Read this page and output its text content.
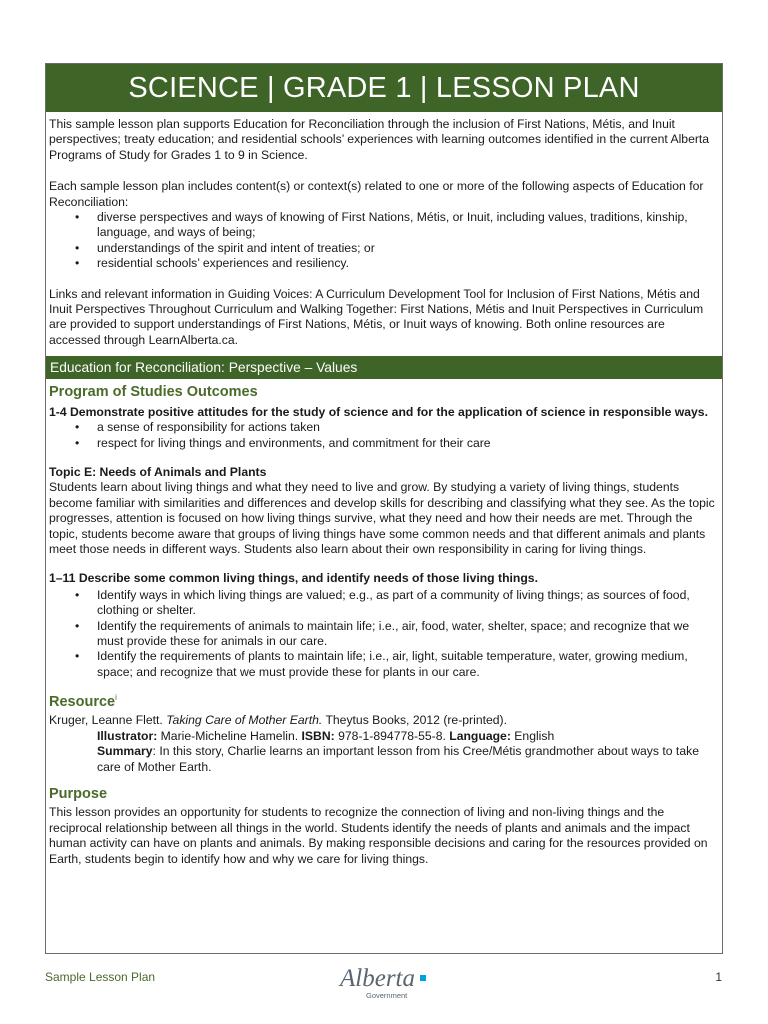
SCIENCE | GRADE 1 | LESSON PLAN

This sample lesson plan supports Education for Reconciliation through the inclusion of First Nations, Métis, and Inuit perspectives; treaty education; and residential schools’ experiences with learning outcomes identified in the current Alberta Programs of Study for Grades 1 to 9 in Science.

Each sample lesson plan includes content(s) or context(s) related to one or more of the following aspects of Education for Reconciliation:

• diverse perspectives and ways of knowing of First Nations, Métis, or Inuit, including values, traditions, kinship, language, and ways of being;
• understandings of the spirit and intent of treaties; or
• residential schools’ experiences and resiliency.

Links and relevant information in Guiding Voices: A Curriculum Development Tool for Inclusion of First Nations, Métis and Inuit Perspectives Throughout Curriculum and Walking Together: First Nations, Métis and Inuit Perspectives in Curriculum are provided to support understandings of First Nations, Métis, or Inuit ways of knowing. Both online resources are accessed through LearnAlberta.ca.

Education for Reconciliation: Perspective – Values
Program of Studies Outcomes

1-4 Demonstrate positive attitudes for the study of science and for the application of science in responsible ways.

• a sense of responsibility for actions taken
• respect for living things and environments, and commitment for their care

Topic E: Needs of Animals and Plants

Students learn about living things and what they need to live and grow. By studying a variety of living things, students become familiar with similarities and differences and develop skills for describing and classifying what they see. As the topic progresses, attention is focused on how living things survive, what they need and how their needs are met. Through the topic, students become aware that groups of living things have some common needs and that different animals and plants meet those needs in different ways. Students also learn about their own responsibility in caring for living things.

1–11 Describe some common living things, and identify needs of those living things.

• Identify ways in which living things are valued; e.g., as part of a community of living things; as sources of food, clothing or shelter.
• Identify the requirements of animals to maintain life; i.e., air, food, water, shelter, space; and recognize that we must provide these for animals in our care.
• Identify the requirements of plants to maintain life; i.e., air, light, suitable temperature, water, growing medium, space; and recognize that we must provide these for plants in our care.
Resource$^i$

Kruger, Leanne Flett. Taking Care of Mother Earth. Theytus Books, 2012 (re-printed).

Illustrator: Marie-Micheline Hamelin. ISBN: 978-1-894778-55-8. Language: English

Summary: In this story, Charlie learns an important lesson from his Cree/Métis grandmother about ways to take care of Mother Earth.

Purpose

This lesson provides an opportunity for students to recognize the connection of living and non-living things and the reciprocal relationship between all things in the world. Students identify the needs of plants and animals and the impact human activity can have on plants and animals. By making responsible decisions and caring for the resources provided on Earth, students begin to identify how and why we care for living things.

Sample Lesson Plan	Alberta
Government
1
